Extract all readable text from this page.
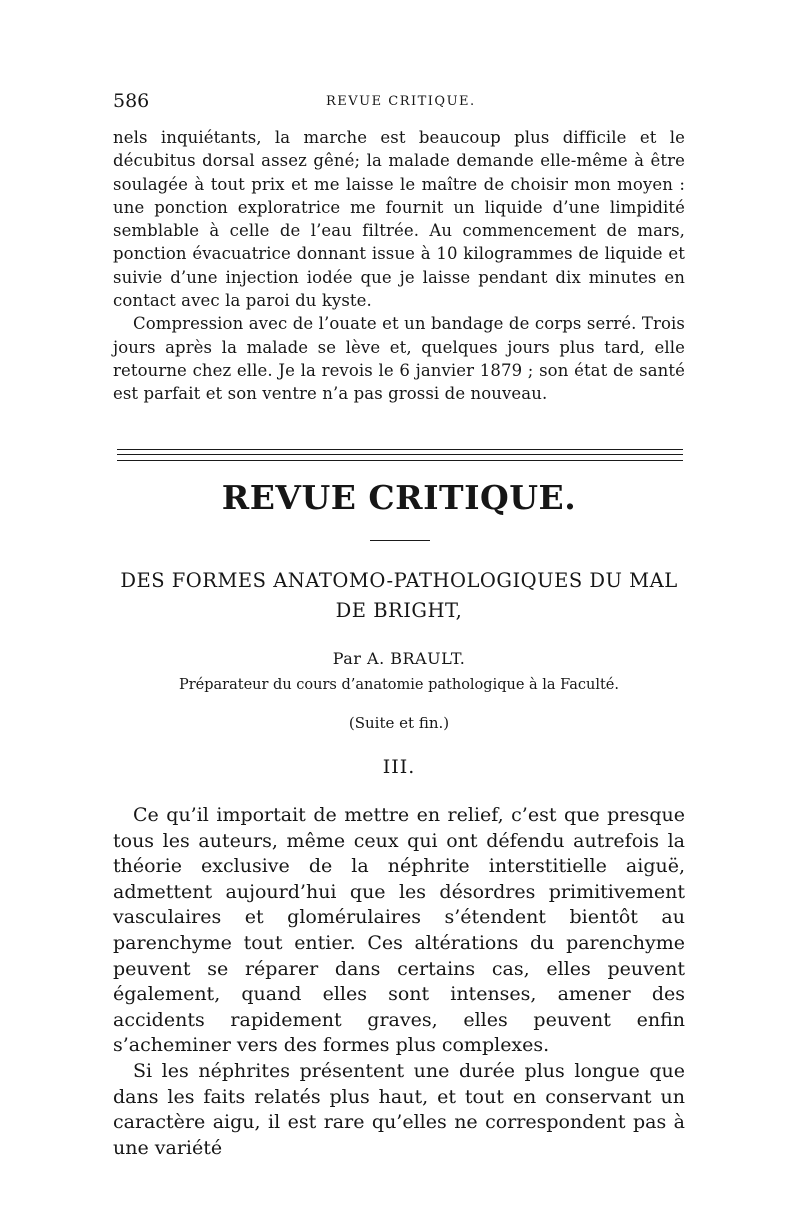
586	REVUE CRITIQUE.

nels inquiétants, la marche est beaucoup plus difficile et le décubitus dorsal assez gêné; la malade demande elle-même à être soulagée à tout prix et me laisse le maître de choisir mon moyen : une ponction exploratrice me fournit un liquide d’une limpidité semblable à celle de l’eau filtrée. Au commencement de mars, ponction évacuatrice donnant issue à 10 kilogrammes de liquide et suivie d’une injection iodée que je laisse pendant dix minutes en contact avec la paroi du kyste.

Compression avec de l’ouate et un bandage de corps serré. Trois jours après la malade se lève et, quelques jours plus tard, elle retourne chez elle. Je la revois le 6 janvier 1879 ; son état de santé est parfait et son ventre n’a pas grossi de nouveau.

REVUE CRITIQUE.
DES FORMES ANATOMO-PATHOLOGIQUES DU MAL
DE BRIGHT,
Par A. BRAULT.
Préparateur du cours d’anatomie pathologique à la Faculté.
(Suite et fin.)
III.

Ce qu’il importait de mettre en relief, c’est que presque tous les auteurs, même ceux qui ont défendu autrefois la théorie exclusive de la néphrite interstitielle aiguë, admettent aujourd’hui que les désordres primitivement vasculaires et glomérulaires s’étendent bientôt au parenchyme tout entier. Ces altérations du parenchyme peuvent se réparer dans certains cas, elles peuvent également, quand elles sont intenses, amener des accidents rapidement graves, elles peuvent enfin s’acheminer vers des formes plus complexes.

Si les néphrites présentent une durée plus longue que dans les faits relatés plus haut, et tout en conservant un caractère aigu, il est rare qu’elles ne correspondent pas à une variété
